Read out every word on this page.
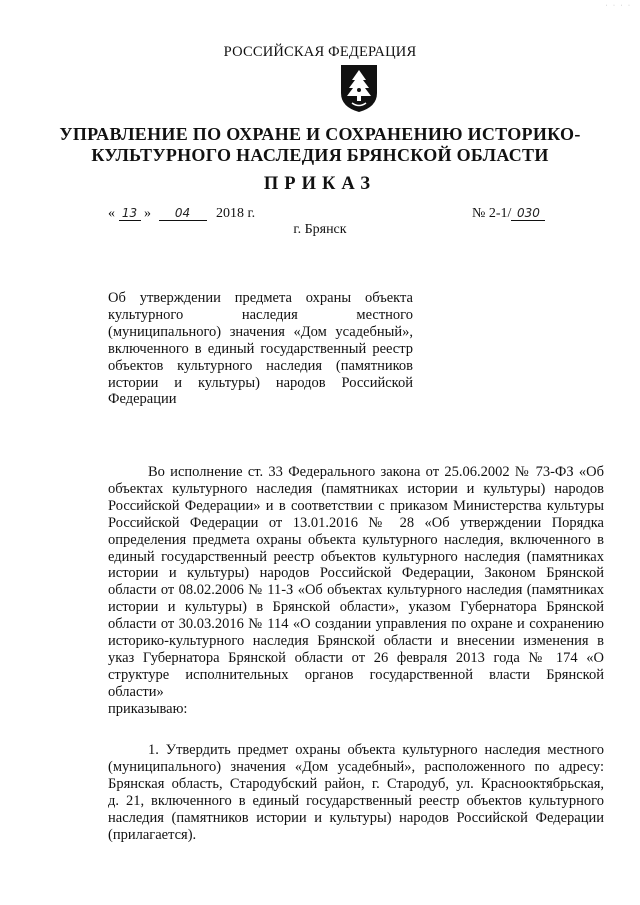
· · · ·
РОССИЙСКАЯ ФЕДЕРАЦИЯ
УПРАВЛЕНИЕ ПО ОХРАНЕ И СОХРАНЕНИЮ ИСТОРИКО-
КУЛЬТУРНОГО НАСЛЕДИЯ БРЯНСКОЙ ОБЛАСТИ
ПРИКАЗ
« 13 » 04 2018 г.	№ 2-1/ 030
г. Брянск
Об утверждении предмета охраны объекта
культурного наследия местного
(муниципального) значения «Дом усадебный»,
включенного в единый государственный реестр
объектов культурного наследия (памятников
истории и культуры) народов Российской
Федерации
Во исполнение ст. 33 Федерального закона от 25.06.2002 № 73-ФЗ «Об
объектах культурного наследия (памятниках истории и культуры) народов
Российской Федерации» и в соответствии с приказом Министерства культуры
Российской Федерации от 13.01.2016 № 28 «Об утверждении Порядка
определения предмета охраны объекта культурного наследия, включенного в
единый государственный реестр объектов культурного наследия (памятниках
истории и культуры) народов Российской Федерации, Законом Брянской
области от 08.02.2006 № 11-З «Об объектах культурного наследия (памятниках
истории и культуры) в Брянской области», указом Губернатора Брянской
области от 30.03.2016 № 114 «О создании управления по охране и сохранению
историко-культурного наследия Брянской области и внесении изменения в
указ Губернатора Брянской области от 26 февраля 2013 года № 174 «О
структуре исполнительных органов государственной власти Брянской
области»
приказываю:
1. Утвердить предмет охраны объекта культурного наследия местного
(муниципального) значения «Дом усадебный», расположенного по адресу:
Брянская область, Стародубский район, г. Стародуб, ул. Краснооктябрьская,
д. 21, включенного в единый государственный реестр объектов культурного
наследия (памятников истории и культуры) народов Российской Федерации
(прилагается).
